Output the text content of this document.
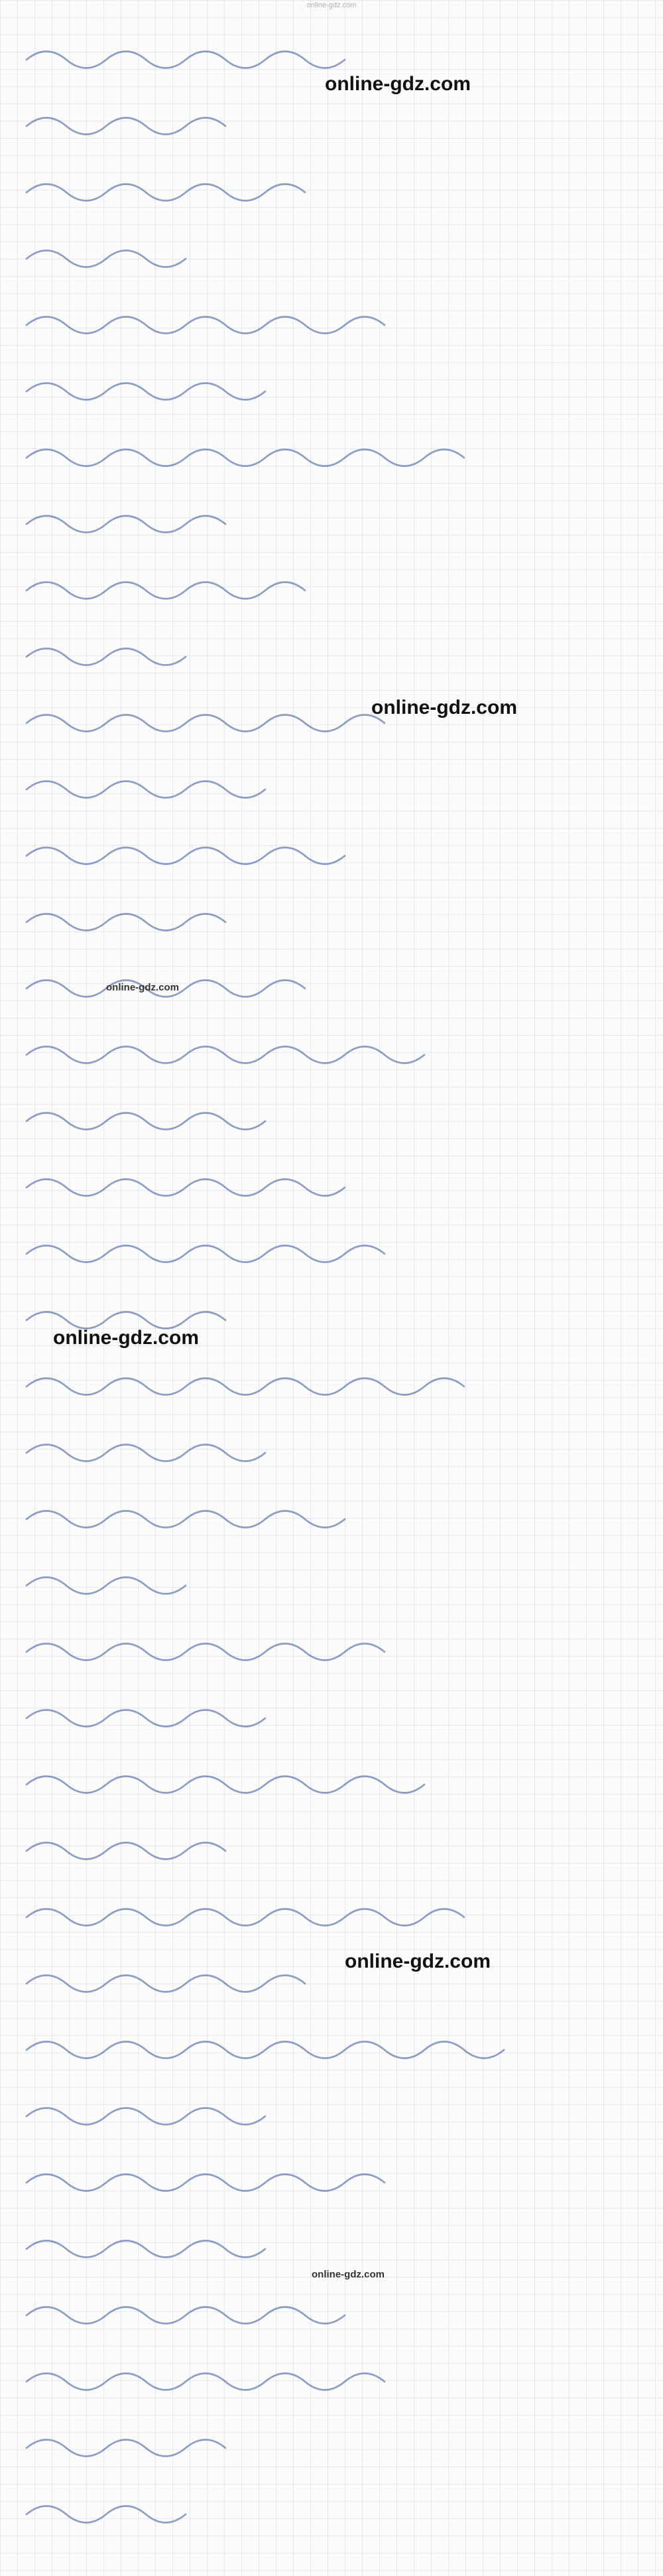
online-gdz.com
online-gdz.com
online-gdz.com
online-gdz.com
online-gdz.com
online-gdz.com
online-gdz.com
